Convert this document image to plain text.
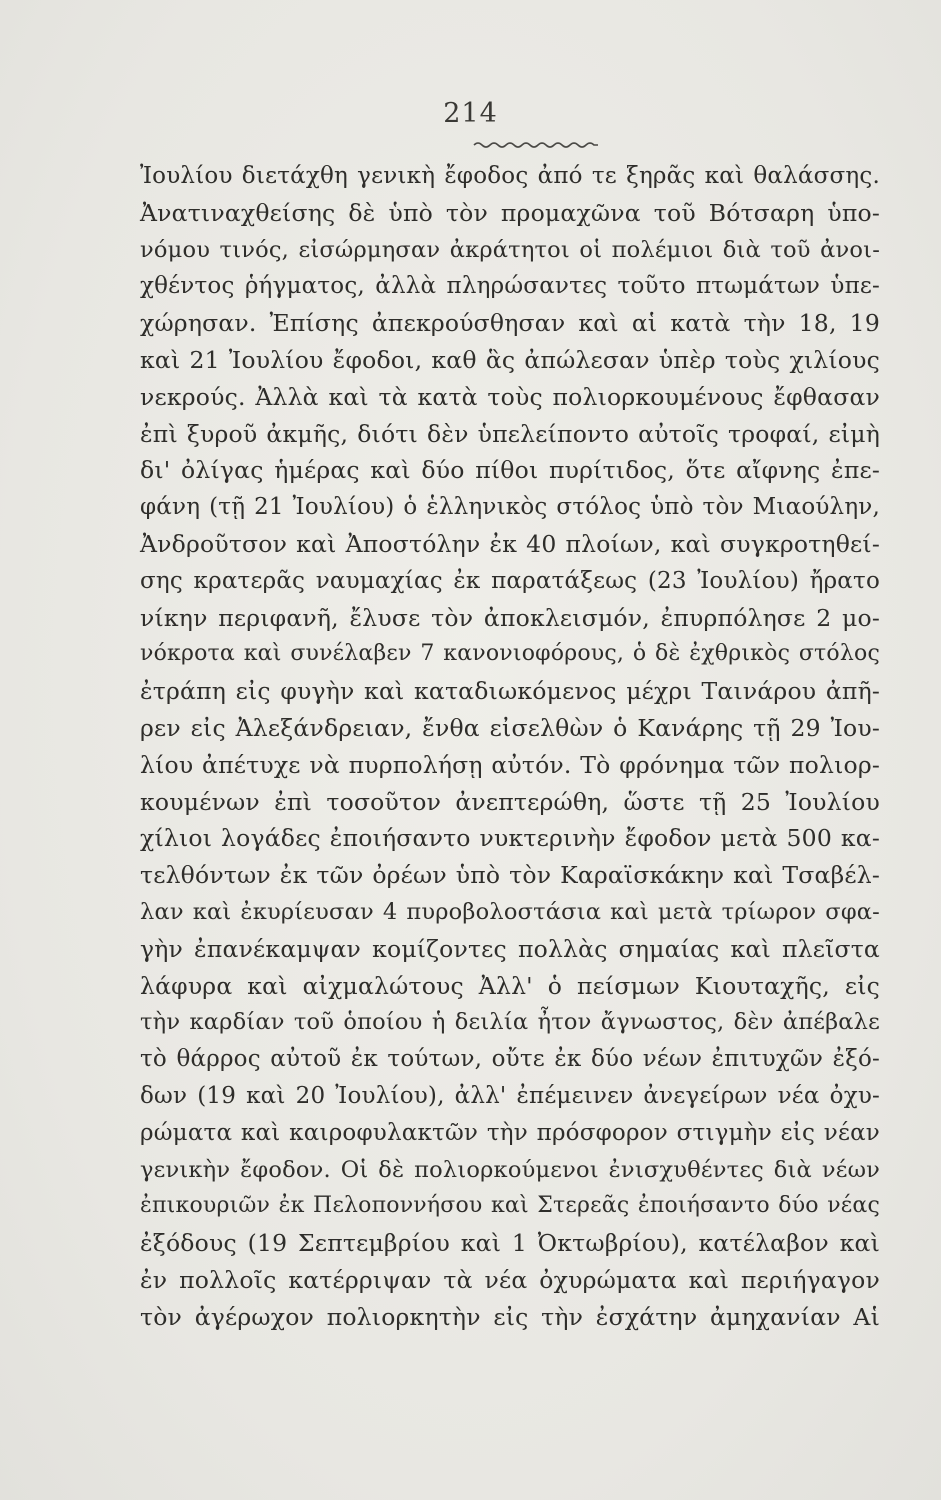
214
Ἰουλίου διετάχθη γενικὴ ἔφοδος ἀπό τε ξηρᾶς καὶ θαλάσσης.
Ἀνατιναχθείσης δὲ ὑπὸ τὸν προμαχῶνα τοῦ Βότσαρη ὑπο-
νόμου τινός, εἰσώρμησαν ἀκράτητοι οἱ πολέμιοι διὰ τοῦ ἀνοι-
χθέντος ῥήγματος, ἀλλὰ πληρώσαντες τοῦτο πτωμάτων ὑπε-
χώρησαν. Ἐπίσης ἀπεκρούσθησαν καὶ αἱ κατὰ τὴν 18, 19
καὶ 21 Ἰουλίου ἔφοδοι, καθ ἃς ἀπώλεσαν ὑπὲρ τοὺς χιλίους
νεκρούς. Ἀλλὰ καὶ τὰ κατὰ τοὺς πολιορκουμένους ἔφθασαν
ἐπὶ ξυροῦ ἀκμῆς, διότι δὲν ὑπελείποντο αὐτοῖς τροφαί, εἰμὴ
δι' ὀλίγας ἡμέρας καὶ δύο πίθοι πυρίτιδος, ὅτε αἴφνης ἐπε-
φάνη (τῇ 21 Ἰουλίου) ὁ ἑλληνικὸς στόλος ὑπὸ τὸν Μιαούλην,
Ἀνδροῦτσον καὶ Ἀποστόλην ἐκ 40 πλοίων, καὶ συγκροτηθεί-
σης κρατερᾶς ναυμαχίας ἐκ παρατάξεως (23 Ἰουλίου) ἤρατο
νίκην περιφανῆ, ἔλυσε τὸν ἀποκλεισμόν, ἐπυρπόλησε 2 μο-
νόκροτα καὶ συνέλαβεν 7 κανονιοφόρους, ὁ δὲ ἐχθρικὸς στόλος
ἐτράπη εἰς φυγὴν καὶ καταδιωκόμενος μέχρι Ταινάρου ἀπῆ-
ρεν εἰς Ἀλεξάνδρειαν, ἔνθα εἰσελθὼν ὁ Κανάρης τῇ 29 Ἰου-
λίου ἀπέτυχε νὰ πυρπολήσῃ αὐτόν. Τὸ φρόνημα τῶν πολιορ-
κουμένων ἐπὶ τοσοῦτον ἀνεπτερώθη, ὥστε τῇ 25 Ἰουλίου
χίλιοι λογάδες ἐποιήσαντο νυκτερινὴν ἔφοδον μετὰ 500 κα-
τελθόντων ἐκ τῶν ὀρέων ὑπὸ τὸν Καραϊσκάκην καὶ Τσαβέλ-
λαν καὶ ἐκυρίευσαν 4 πυροβολοστάσια καὶ μετὰ τρίωρον σφα-
γὴν ἐπανέκαμψαν κομίζοντες πολλὰς σημαίας καὶ πλεῖστα
λάφυρα καὶ αἰχμαλώτους Ἀλλ' ὁ πείσμων Κιουταχῆς, εἰς
τὴν καρδίαν τοῦ ὁποίου ἡ δειλία ἦτον ἄγνωστος, δὲν ἀπέβαλε
τὸ θάρρος αὐτοῦ ἐκ τούτων, οὔτε ἐκ δύο νέων ἐπιτυχῶν ἐξό-
δων (19 καὶ 20 Ἰουλίου), ἀλλ' ἐπέμεινεν ἀνεγείρων νέα ὀχυ-
ρώματα καὶ καιροφυλακτῶν τὴν πρόσφορον στιγμὴν εἰς νέαν
γενικὴν ἔφοδον. Οἱ δὲ πολιορκούμενοι ἐνισχυθέντες διὰ νέων
ἐπικουριῶν ἐκ Πελοποννήσου καὶ Στερεᾶς ἐποιήσαντο δύο νέας
ἐξόδους (19 Σεπτεμβρίου καὶ 1 Ὀκτωβρίου), κατέλαβον καὶ
ἐν πολλοῖς κατέρριψαν τὰ νέα ὀχυρώματα καὶ περιήγαγον
τὸν ἀγέρωχον πολιορκητὴν εἰς τὴν ἐσχάτην ἀμηχανίαν Αἱ
